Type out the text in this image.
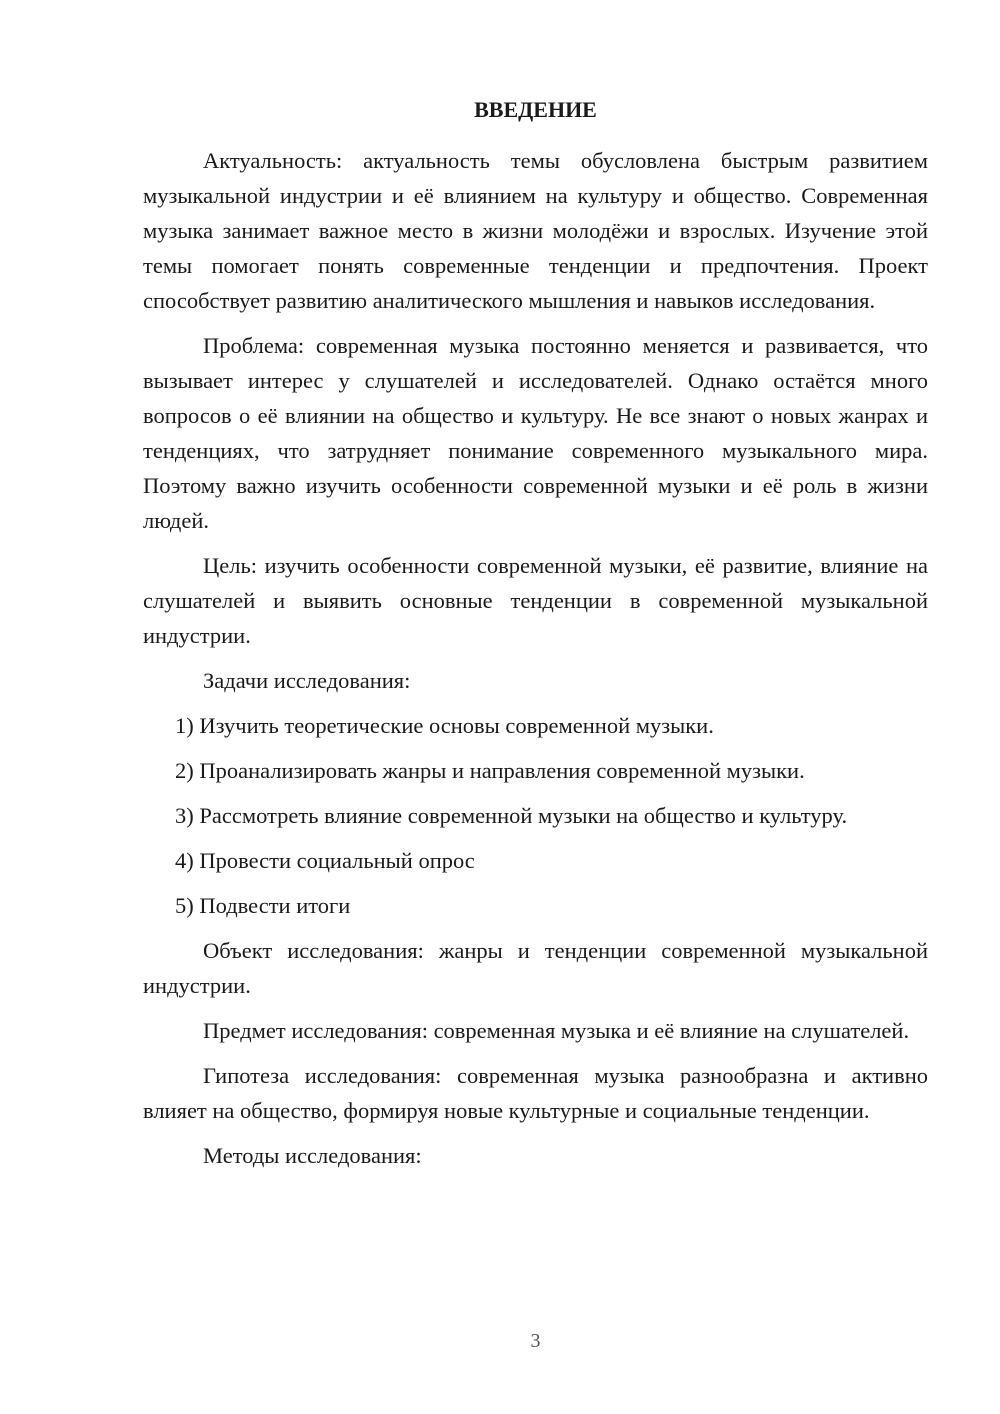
ВВЕДЕНИЕ

Актуальность: актуальность темы обусловлена быстрым развитием музыкальной индустрии и её влиянием на культуру и общество. Современная музыка занимает важное место в жизни молодёжи и взрослых. Изучение этой темы помогает понять современные тенденции и предпочтения. Проект способствует развитию аналитического мышления и навыков исследования.

Проблема: современная музыка постоянно меняется и развивается, что вызывает интерес у слушателей и исследователей. Однако остаётся много вопросов о её влиянии на общество и культуру. Не все знают о новых жанрах и тенденциях, что затрудняет понимание современного музыкального мира. Поэтому важно изучить особенности современной музыки и её роль в жизни людей.

Цель: изучить особенности современной музыки, её развитие, влияние на слушателей и выявить основные тенденции в современной музыкальной индустрии.

Задачи исследования:

1) Изучить теоретические основы современной музыки.

2) Проанализировать жанры и направления современной музыки.

3) Рассмотреть влияние современной музыки на общество и культуру.

4) Провести социальный опрос

5) Подвести итоги

Объект исследования: жанры и тенденции современной музыкальной индустрии.

Предмет исследования: современная музыка и её влияние на слушателей.

Гипотеза исследования: современная музыка разнообразна и активно влияет на общество, формируя новые культурные и социальные тенденции.

Методы исследования:

3
